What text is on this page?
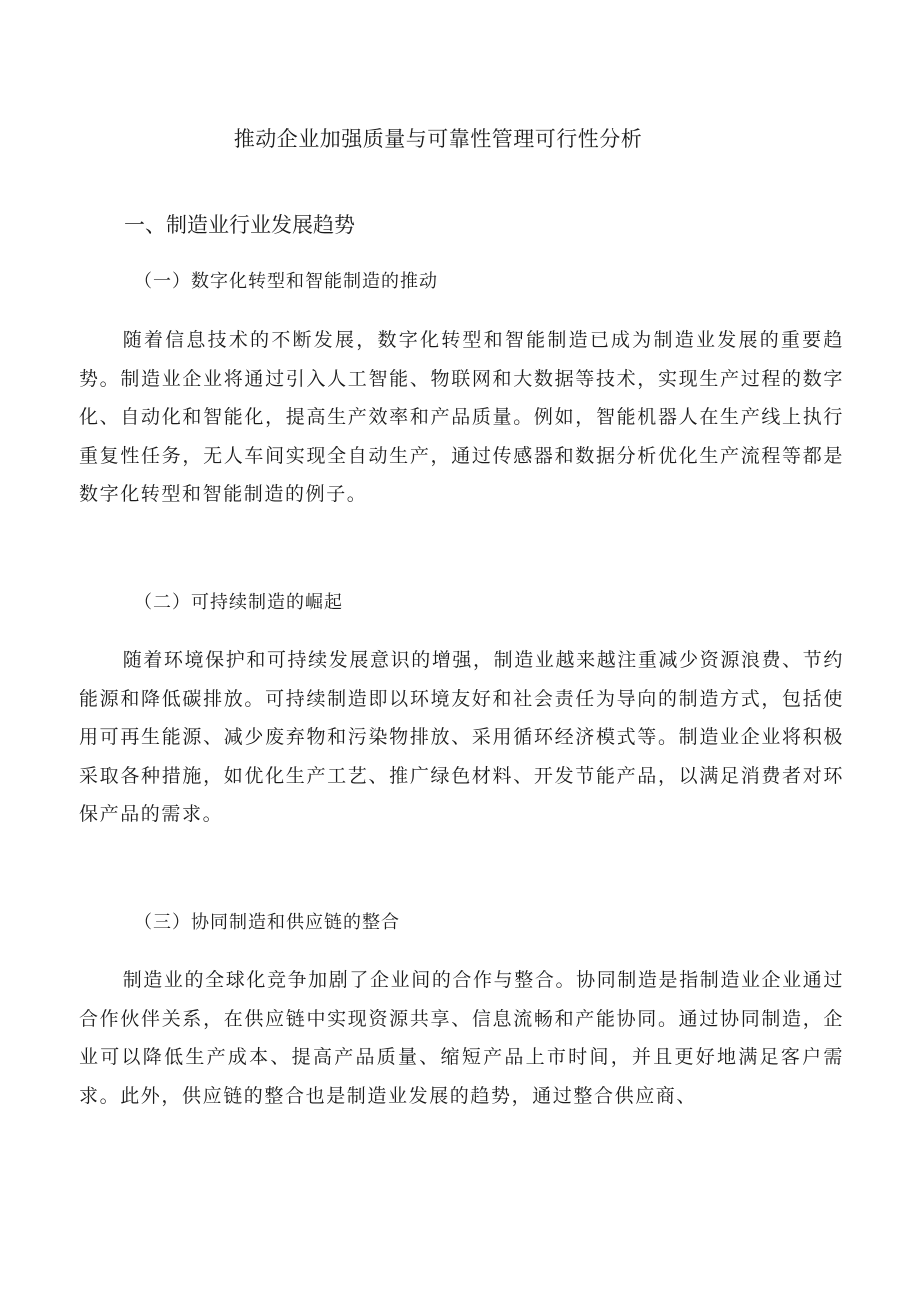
推动企业加强质量与可靠性管理可行性分析
一、制造业行业发展趋势
（一）数字化转型和智能制造的推动

随着信息技术的不断发展，数字化转型和智能制造已成为制造业发展的重要趋势。制造业企业将通过引入人工智能、物联网和大数据等技术，实现生产过程的数字化、自动化和智能化，提高生产效率和产品质量。例如，智能机器人在生产线上执行重复性任务，无人车间实现全自动生产，通过传感器和数据分析优化生产流程等都是数字化转型和智能制造的例子。

（二）可持续制造的崛起

随着环境保护和可持续发展意识的增强，制造业越来越注重减少资源浪费、节约能源和降低碳排放。可持续制造即以环境友好和社会责任为导向的制造方式，包括使用可再生能源、减少废弃物和污染物排放、采用循环经济模式等。制造业企业将积极采取各种措施，如优化生产工艺、推广绿色材料、开发节能产品，以满足消费者对环保产品的需求。

（三）协同制造和供应链的整合

制造业的全球化竞争加剧了企业间的合作与整合。协同制造是指制造业企业通过合作伙伴关系，在供应链中实现资源共享、信息流畅和产能协同。通过协同制造，企业可以降低生产成本、提高产品质量、缩短产品上市时间，并且更好地满足客户需求。此外，供应链的整合也是制造业发展的趋势，通过整合供应商、
